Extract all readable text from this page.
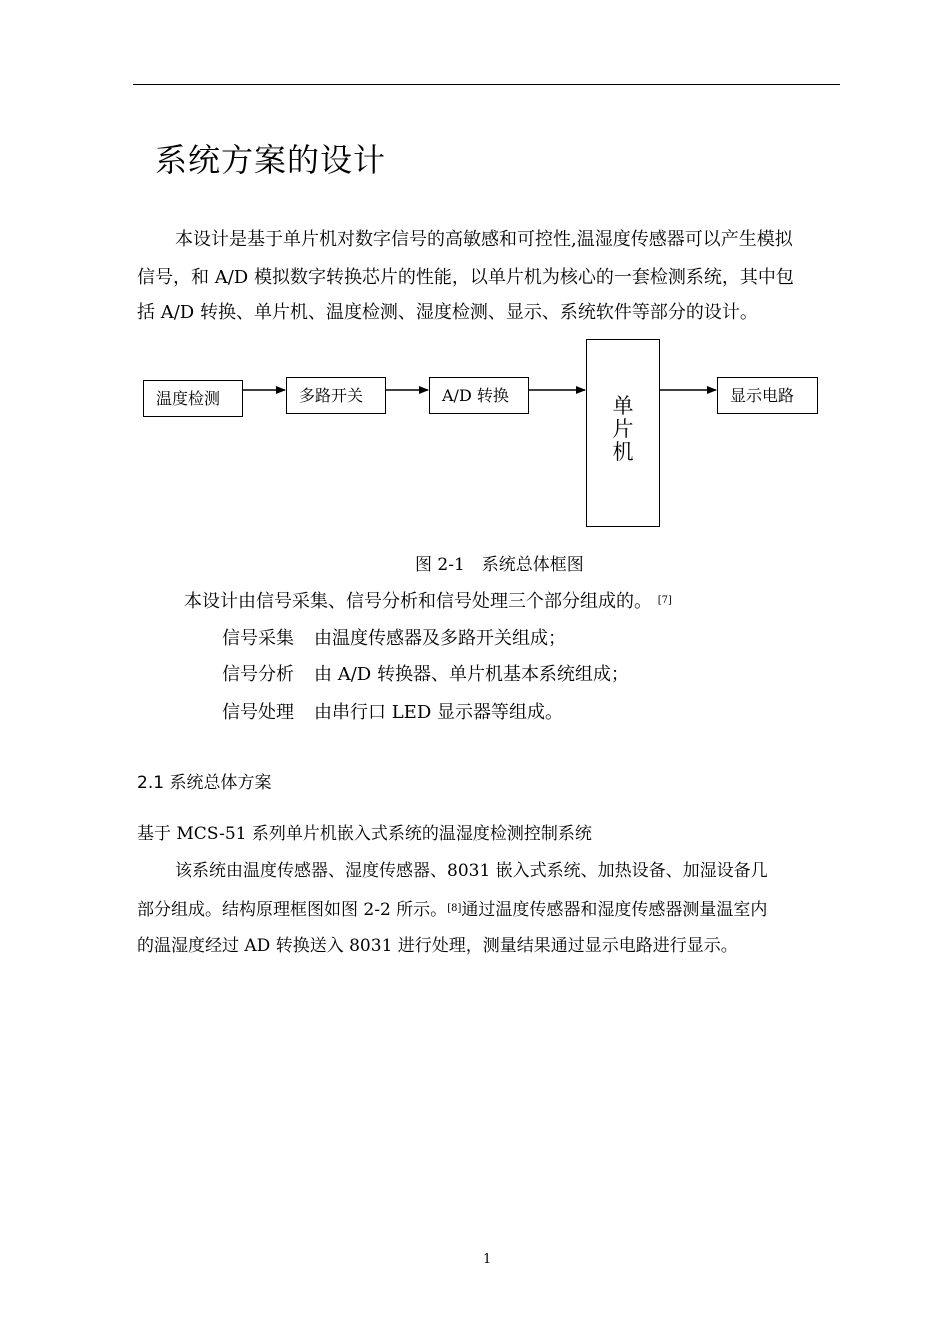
系统方案的设计
本设计是基于单片机对数字信号的高敏感和可控性,温湿度传感器可以产生模拟
信号，和 A/D 模拟数字转换芯片的性能，以单片机为核心的一套检测系统，其中包
括 A/D 转换、单片机、温度检测、湿度检测、显示、系统软件等部分的设计。
温度检测	多路开关	A/D 转换	单
片
机
显示电路
图 2-1　系统总体框图
本设计由信号采集、信号分析和信号处理三个部分组成的。 [7]
信号采集 由温度传感器及多路开关组成；
信号分析 由 A/D 转换器、单片机基本系统组成；
信号处理 由串行口 LED 显示器等组成。
2.1 系统总体方案
基于 MCS-51 系列单片机嵌入式系统的温湿度检测控制系统
该系统由温度传感器、湿度传感器、8031 嵌入式系统、加热设备、加湿设备几
部分组成。结构原理框图如图 2-2 所示。[8]通过温度传感器和湿度传感器测量温室内
的温湿度经过 AD 转换送入 8031 进行处理，测量结果通过显示电路进行显示。
1
